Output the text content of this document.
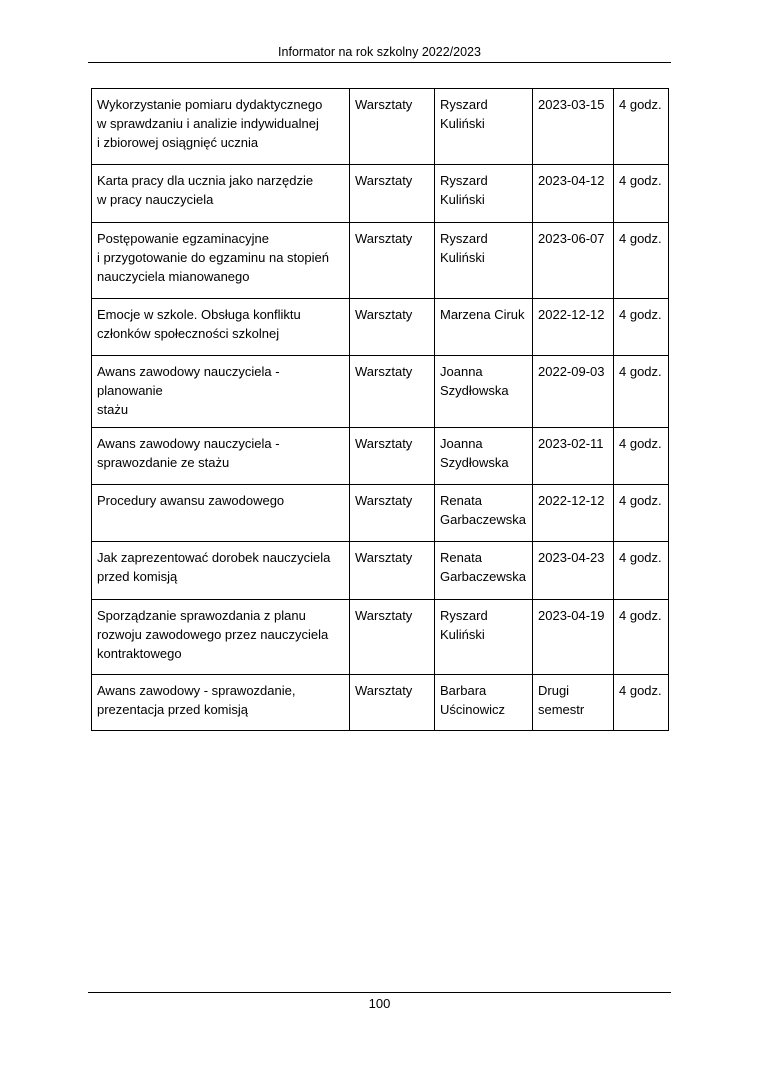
Informator na rok szkolny 2022/2023
Wykorzystanie pomiaru dydaktycznego
w sprawdzaniu i analizie indywidualnej
i zbiorowej osiągnięć ucznia	Warsztaty	Ryszard
Kuliński	2023-03-15	4 godz.
Karta pracy dla ucznia jako narzędzie
w pracy nauczyciela	Warsztaty	Ryszard
Kuliński	2023-04-12	4 godz.
Postępowanie egzaminacyjne
i przygotowanie do egzaminu na stopień
nauczyciela mianowanego	Warsztaty	Ryszard
Kuliński	2023-06-07	4 godz.
Emocje w szkole. Obsługa konfliktu
członków społeczności szkolnej	Warsztaty	Marzena Ciruk	2022-12-12	4 godz.
Awans zawodowy nauczyciela - planowanie
stażu	Warsztaty	Joanna
Szydłowska	2022-09-03	4 godz.
Awans zawodowy nauczyciela -
sprawozdanie ze stażu	Warsztaty	Joanna
Szydłowska	2023-02-11	4 godz.
Procedury awansu zawodowego	Warsztaty	Renata
Garbaczewska	2022-12-12	4 godz.
Jak zaprezentować dorobek nauczyciela
przed komisją	Warsztaty	Renata
Garbaczewska	2023-04-23	4 godz.
Sporządzanie sprawozdania z planu
rozwoju zawodowego przez nauczyciela
kontraktowego	Warsztaty	Ryszard
Kuliński	2023-04-19	4 godz.
Awans zawodowy - sprawozdanie,
prezentacja przed komisją	Warsztaty	Barbara
Uścinowicz	Drugi
semestr	4 godz.
100
